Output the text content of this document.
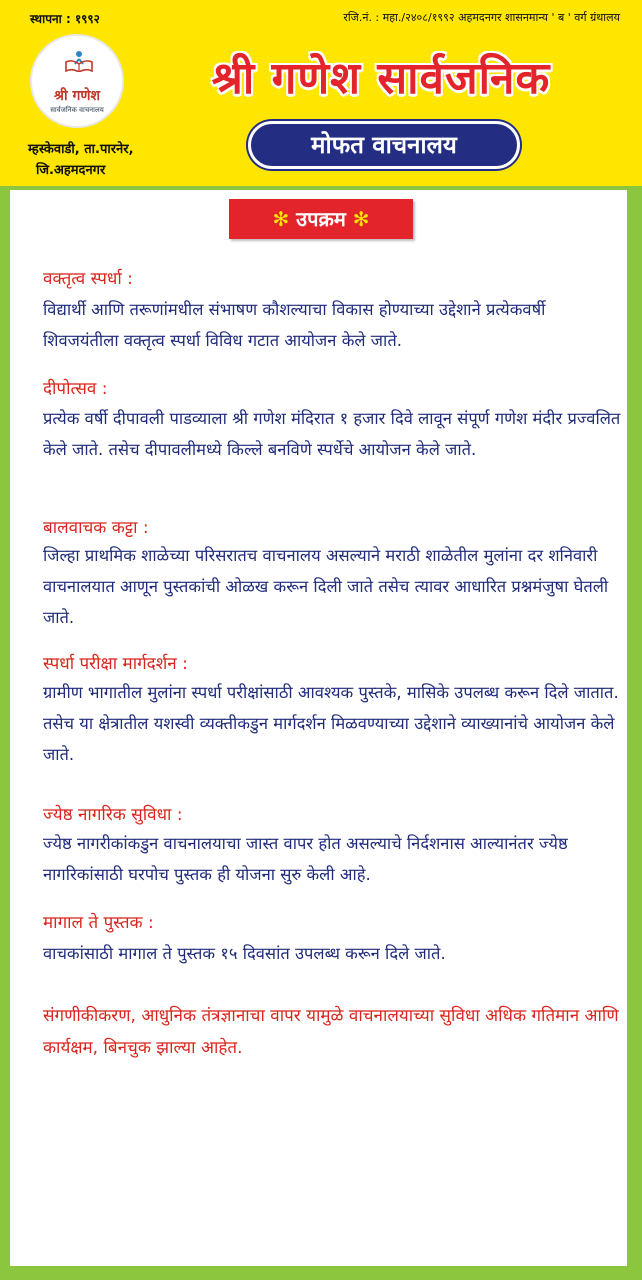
स्थापना : १९९२	रजि.नं. : महा./२४०८/१९९२ अहमदनगर शासनमान्य ' ब ' वर्ग ग्रंथालय
श्री गणेश
सार्वजनिक वाचनालय
श्री गणेश सार्वजनिक
मोफत वाचनालय
म्हस्केवाडी, ता.पारनेर,
जि.अहमदनगर
✻ उपक्रम ✻
वक्तृत्व स्पर्धा :
विद्यार्थी आणि तरूणांमधील संभाषण कौशल्याचा विकास होण्याच्या उद्देशाने प्रत्येकवर्षी शिवजयंतीला वक्तृत्व स्पर्धा विविध गटात आयोजन केले जाते.
दीपोत्सव :
प्रत्येक वर्षी दीपावली पाडव्याला श्री गणेश मंदिरात १ हजार दिवे लावून संपूर्ण गणेश मंदीर प्रज्वलित केले जाते. तसेच दीपावलीमध्ये किल्ले बनविणे स्पर्धेचे आयोजन केले जाते.
बालवाचक कट्टा :
जिल्हा प्राथमिक शाळेच्या परिसरातच वाचनालय असल्याने मराठी शाळेतील मुलांना दर शनिवारी वाचनालयात आणून पुस्तकांची ओळख करून दिली जाते तसेच त्यावर आधारित प्रश्नमंजुषा घेतली जाते.
स्पर्धा परीक्षा मार्गदर्शन :
ग्रामीण भागातील मुलांना स्पर्धा परीक्षांसाठी आवश्यक पुस्तके, मासिके उपलब्ध करून दिले जातात. तसेच या क्षेत्रातील यशस्वी व्यक्तीकडुन मार्गदर्शन मिळवण्याच्या उद्देशाने व्याख्यानांचे आयोजन केले जाते.
ज्येष्ठ नागरिक सुविधा :
ज्येष्ठ नागरीकांकडुन वाचनालयाचा जास्त वापर होत असल्याचे निर्दशनास आल्यानंतर ज्येष्ठ नागरिकांसाठी घरपोच पुस्तक ही योजना सुरु केली आहे.
मागाल ते पुस्तक :
वाचकांसाठी मागाल ते पुस्तक १५ दिवसांत उपलब्ध करून दिले जाते.
संगणीकीकरण, आधुनिक तंत्रज्ञानाचा वापर यामुळे वाचनालयाच्या सुविधा अधिक गतिमान आणि कार्यक्षम, बिनचुक झाल्या आहेत.
